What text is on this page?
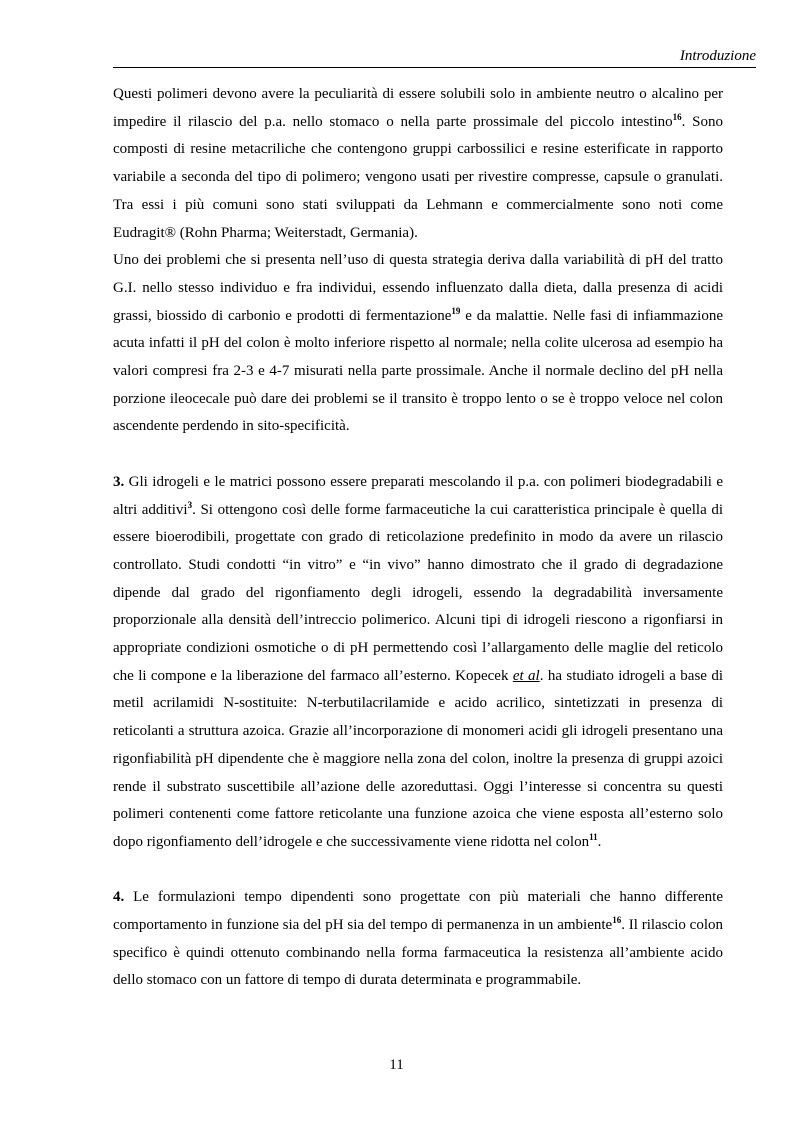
Introduzione

Questi polimeri devono avere la peculiarità di essere solubili solo in ambiente neutro o alcalino per impedire il rilascio del p.a. nello stomaco o nella parte prossimale del piccolo intestino$^{16}$. Sono composti di resine metacriliche che contengono gruppi carbossilici e resine esterificate in rapporto variabile a seconda del tipo di polimero; vengono usati per rivestire compresse, capsule o granulati. Tra essi i più comuni sono stati sviluppati da Lehmann e commercialmente sono noti come Eudragit® (Rohn Pharma; Weiterstadt, Germania).

Uno dei problemi che si presenta nell’uso di questa strategia deriva dalla variabilità di pH del tratto G.I. nello stesso individuo e fra individui, essendo influenzato dalla dieta, dalla presenza di acidi grassi, biossido di carbonio e prodotti di fermentazione$^{19}$ e da malattie. Nelle fasi di infiammazione acuta infatti il pH del colon è molto inferiore rispetto al normale; nella colite ulcerosa ad esempio ha valori compresi fra 2-3 e 4-7 misurati nella parte prossimale. Anche il normale declino del pH nella porzione ileocecale può dare dei problemi se il transito è troppo lento o se è troppo veloce nel colon ascendente perdendo in sito-specificità.

3. Gli idrogeli e le matrici possono essere preparati mescolando il p.a. con polimeri biodegradabili e altri additivi$^3$. Si ottengono così delle forme farmaceutiche la cui caratteristica principale è quella di essere bioerodibili, progettate con grado di reticolazione predefinito in modo da avere un rilascio controllato. Studi condotti “in vitro” e “in vivo” hanno dimostrato che il grado di degradazione dipende dal grado del rigonfiamento degli idrogeli, essendo la degradabilità inversamente proporzionale alla densità dell’intreccio polimerico. Alcuni tipi di idrogeli riescono a rigonfiarsi in appropriate condizioni osmotiche o di pH permettendo così l’allargamento delle maglie del reticolo che li compone e la liberazione del farmaco all’esterno. Kopecek et al. ha studiato idrogeli a base di metil acrilamidi N-sostituite: N-terbutilacrilamide e acido acrilico, sintetizzati in presenza di reticolanti a struttura azoica. Grazie all’incorporazione di monomeri acidi gli idrogeli presentano una rigonfiabilità pH dipendente che è maggiore nella zona del colon, inoltre la presenza di gruppi azoici rende il substrato suscettibile all’azione delle azoreduttasi. Oggi l’interesse si concentra su questi polimeri contenenti come fattore reticolante una funzione azoica che viene esposta all’esterno solo dopo rigonfiamento dell’idrogele e che successivamente viene ridotta nel colon$^{11}$.

4. Le formulazioni tempo dipendenti sono progettate con più materiali che hanno differente comportamento in funzione sia del pH sia del tempo di permanenza in un ambiente$^{16}$. Il rilascio colon specifico è quindi ottenuto combinando nella forma farmaceutica la resistenza all’ambiente acido dello stomaco con un fattore di tempo di durata determinata e programmabile.

11
